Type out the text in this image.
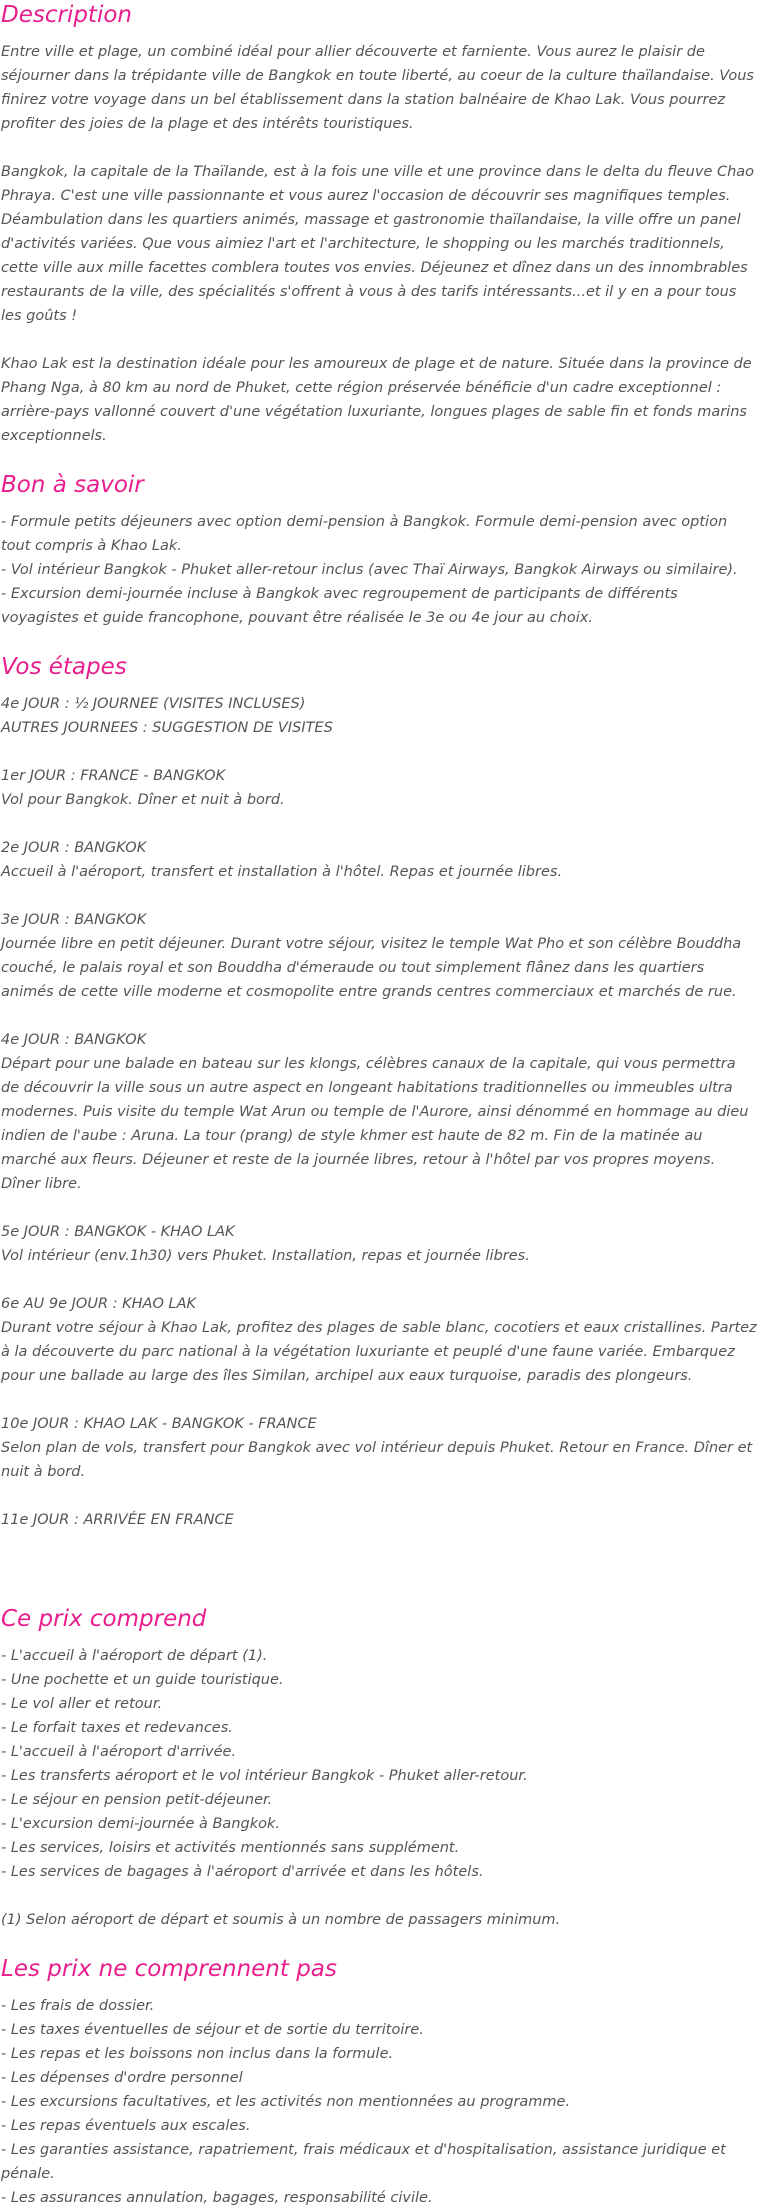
Description

Entre ville et plage, un combiné idéal pour allier découverte et farniente. Vous aurez le plaisir de séjourner dans la trépidante ville de Bangkok en toute liberté, au coeur de la culture thaïlandaise. Vous finirez votre voyage dans un bel établissement dans la station balnéaire de Khao Lak. Vous pourrez profiter des joies de la plage et des intérêts touristiques.

Bangkok, la capitale de la Thaïlande, est à la fois une ville et une province dans le delta du fleuve Chao Phraya. C'est une ville passionnante et vous aurez l'occasion de découvrir ses magnifiques temples. Déambulation dans les quartiers animés, massage et gastronomie thaïlandaise, la ville offre un panel d'activités variées. Que vous aimiez l'art et l'architecture, le shopping ou les marchés traditionnels, cette ville aux mille facettes comblera toutes vos envies. Déjeunez et dînez dans un des innombrables restaurants de la ville, des spécialités s'offrent à vous à des tarifs intéressants...et il y en a pour tous les goûts !

Khao Lak est la destination idéale pour les amoureux de plage et de nature. Située dans la province de Phang Nga, à 80 km au nord de Phuket, cette région préservée bénéficie d'un cadre exceptionnel : arrière-pays vallonné couvert d'une végétation luxuriante, longues plages de sable fin et fonds marins exceptionnels.

Bon à savoir
- Formule petits déjeuners avec option demi-pension à Bangkok. Formule demi-pension avec option tout compris à Khao Lak.
- Vol intérieur Bangkok - Phuket aller-retour inclus (avec Thaï Airways, Bangkok Airways ou similaire).
- Excursion demi-journée incluse à Bangkok avec regroupement de participants de différents voyagistes et guide francophone, pouvant être réalisée le 3e ou 4e jour au choix.
Vos étapes
4e JOUR : ½ JOURNEE (VISITES INCLUSES)
AUTRES JOURNEES : SUGGESTION DE VISITES
1er JOUR : FRANCE - BANGKOK
Vol pour Bangkok. Dîner et nuit à bord.
2e JOUR : BANGKOK
Accueil à l'aéroport, transfert et installation à l'hôtel. Repas et journée libres.
3e JOUR : BANGKOK
Journée libre en petit déjeuner. Durant votre séjour, visitez le temple Wat Pho et son célèbre Bouddha couché, le palais royal et son Bouddha d'émeraude ou tout simplement flânez dans les quartiers animés de cette ville moderne et cosmopolite entre grands centres commerciaux et marchés de rue.
4e JOUR : BANGKOK
Départ pour une balade en bateau sur les klongs, célèbres canaux de la capitale, qui vous permettra de découvrir la ville sous un autre aspect en longeant habitations traditionnelles ou immeubles ultra modernes. Puis visite du temple Wat Arun ou temple de l'Aurore, ainsi dénommé en hommage au dieu indien de l'aube : Aruna. La tour (prang) de style khmer est haute de 82 m. Fin de la matinée au marché aux fleurs. Déjeuner et reste de la journée libres, retour à l'hôtel par vos propres moyens. Dîner libre.
5e JOUR : BANGKOK - KHAO LAK
Vol intérieur (env.1h30) vers Phuket. Installation, repas et journée libres.
6e AU 9e JOUR : KHAO LAK
Durant votre séjour à Khao Lak, profitez des plages de sable blanc, cocotiers et eaux cristallines. Partez à la découverte du parc national à la végétation luxuriante et peuplé d'une faune variée. Embarquez pour une ballade au large des îles Similan, archipel aux eaux turquoise, paradis des plongeurs.
10e JOUR : KHAO LAK - BANGKOK - FRANCE
Selon plan de vols, transfert pour Bangkok avec vol intérieur depuis Phuket. Retour en France. Dîner et nuit à bord.
11e JOUR : ARRIVÉE EN FRANCE
Ce prix comprend
- L'accueil à l'aéroport de départ (1).
- Une pochette et un guide touristique.
- Le vol aller et retour.
- Le forfait taxes et redevances.
- L'accueil à l'aéroport d'arrivée.
- Les transferts aéroport et le vol intérieur Bangkok - Phuket aller-retour.
- Le séjour en pension petit-déjeuner.
- L'excursion demi-journée à Bangkok.
- Les services, loisirs et activités mentionnés sans supplément.
- Les services de bagages à l'aéroport d'arrivée et dans les hôtels.
(1) Selon aéroport de départ et soumis à un nombre de passagers minimum.
Les prix ne comprennent pas
- Les frais de dossier.
- Les taxes éventuelles de séjour et de sortie du territoire.
- Les repas et les boissons non inclus dans la formule.
- Les dépenses d'ordre personnel
- Les excursions facultatives, et les activités non mentionnées au programme.
- Les repas éventuels aux escales.
- Les garanties assistance, rapatriement, frais médicaux et d'hospitalisation, assistance juridique et pénale.
- Les assurances annulation, bagages, responsabilité civile.
